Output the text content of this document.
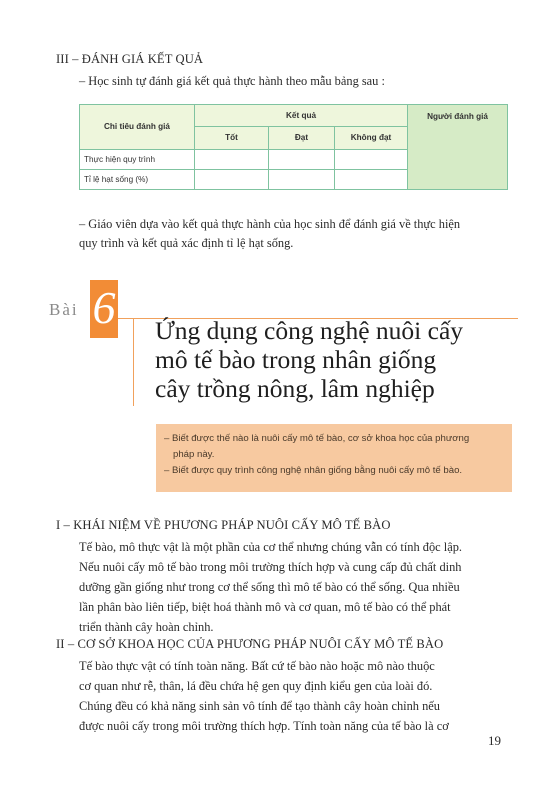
III – ĐÁNH GIÁ KẾT QUẢ
– Học sinh tự đánh giá kết quả thực hành theo mẫu bảng sau :
Chỉ tiêu đánh giá	Kết quả			Người đánh giá
	Tốt	Đạt	Không đạt	
Thực hiện quy trình				
Tỉ lệ hạt sống (%)				
– Giáo viên dựa vào kết quả thực hành của học sinh để đánh giá về thực hiện
quy trình và kết quả xác định tỉ lệ hạt sống.
Bài 6 Ứng dụng công nghệ nuôi cấy
mô tế bào trong nhân giống
cây trồng nông, lâm nghiệp
– Biết được thế nào là nuôi cấy mô tế bào, cơ sở khoa học của phương
pháp này.
– Biết được quy trình công nghệ nhân giống bằng nuôi cấy mô tế bào.
I – KHÁI NIỆM VỀ PHƯƠNG PHÁP NUÔI CẤY MÔ TẾ BÀO
Tế bào, mô thực vật là một phần của cơ thể nhưng chúng vẫn có tính độc lập.
Nếu nuôi cấy mô tế bào trong môi trường thích hợp và cung cấp đủ chất dinh
dưỡng gần giống như trong cơ thể sống thì mô tế bào có thể sống. Qua nhiều
lần phân bào liên tiếp, biệt hoá thành mô và cơ quan, mô tế bào có thể phát
triển thành cây hoàn chỉnh.
II – CƠ SỞ KHOA HỌC CỦA PHƯƠNG PHÁP NUÔI CẤY MÔ TẾ BÀO
Tế bào thực vật có tính toàn năng. Bất cứ tế bào nào hoặc mô nào thuộc
cơ quan như rễ, thân, lá đều chứa hệ gen quy định kiểu gen của loài đó.
Chúng đều có khả năng sinh sản vô tính để tạo thành cây hoàn chỉnh nếu
được nuôi cấy trong môi trường thích hợp. Tính toàn năng của tế bào là cơ
19
